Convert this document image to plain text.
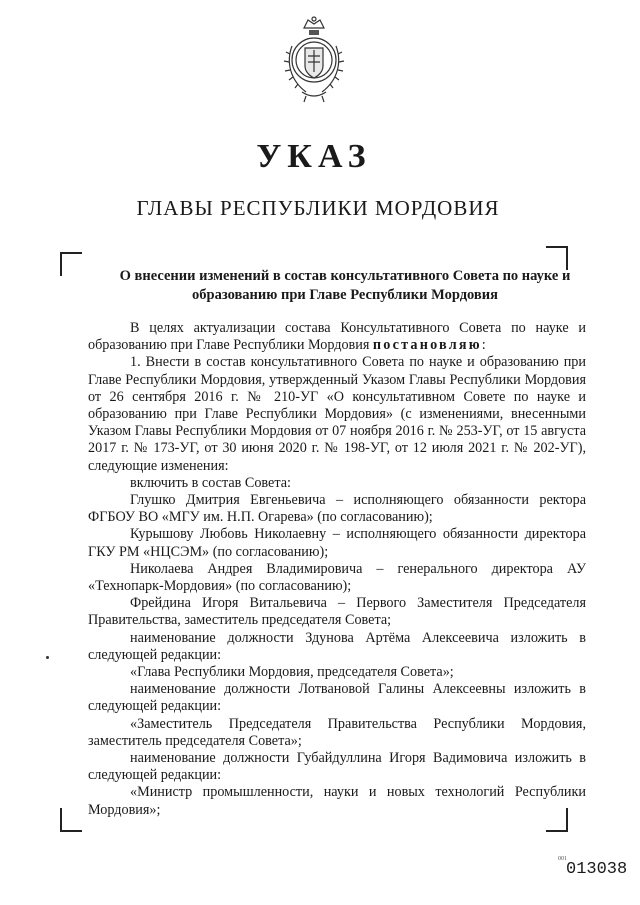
УКАЗ
ГЛАВЫ РЕСПУБЛИКИ МОРДОВИЯ
О внесении изменений в состав консультативного Совета по науке и образованию при Главе Республики Мордовия

В целях актуализации состава Консультативного Совета по науке и образованию при Главе Республики Мордовия постановляю:

1. Внести в состав консультативного Совета по науке и образованию при Главе Республики Мордовия, утвержденный Указом Главы Республики Мордовия от 26 сентября 2016 г. № 210-УГ «О консультативном Совете по науке и образованию при Главе Республики Мордовия» (с изменениями, внесенными Указом Главы Республики Мордовия от 07 ноября 2016 г. № 253-УГ, от 15 августа 2017 г. № 173-УГ, от 30 июня 2020 г. № 198-УГ, от 12 июля 2021 г. № 202-УГ), следующие изменения:

включить в состав Совета:

Глушко Дмитрия Евгеньевича – исполняющего обязанности ректора ФГБОУ ВО «МГУ им. Н.П. Огарева» (по согласованию);

Курышову Любовь Николаевну – исполняющего обязанности директора ГКУ РМ «НЦСЭМ» (по согласованию);

Николаева Андрея Владимировича – генерального директора АУ «Технопарк-Мордовия» (по согласованию);

Фрейдина Игоря Витальевича – Первого Заместителя Председателя Правительства, заместитель председателя Совета;

наименование должности Здунова Артёма Алексеевича изложить в следующей редакции:

«Глава Республики Мордовия, председателя Совета»;

наименование должности Лотвановой Галины Алексеевны изложить в следующей редакции:

«Заместитель Председателя Правительства Республики Мордовия, заместитель председателя Совета»;

наименование должности Губайдуллина Игоря Вадимовича изложить в следующей редакции:

«Министр промышленности, науки и новых технологий Республики Мордовия»;

001
013038
